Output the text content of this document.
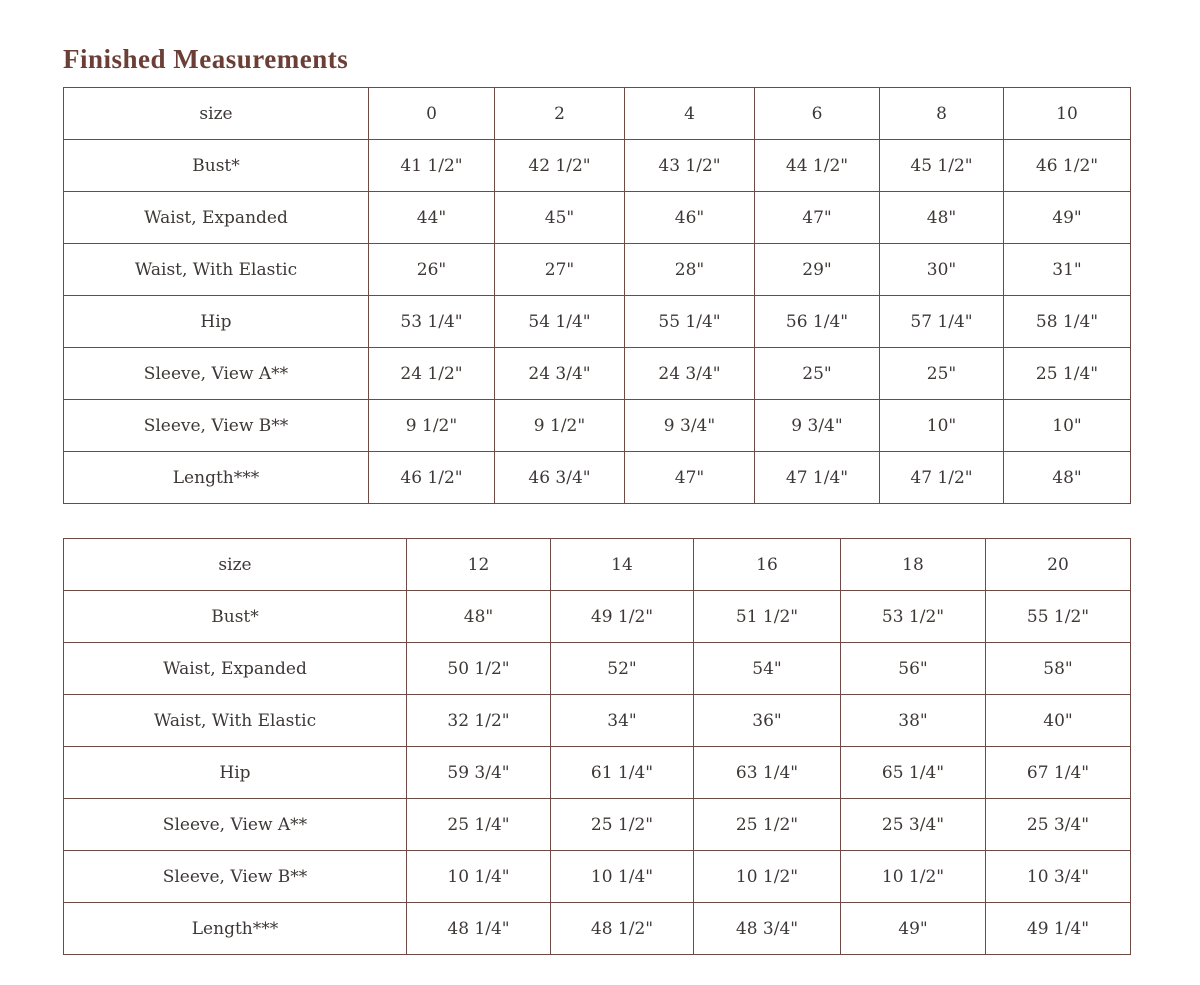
Finished Measurements
size	0	2	4	6	8	10
Bust*	41 1/2"	42 1/2"	43 1/2"	44 1/2"	45 1/2"	46 1/2"
Waist, Expanded	44"	45"	46"	47"	48"	49"
Waist, With Elastic	26"	27"	28"	29"	30"	31"
Hip	53 1/4"	54 1/4"	55 1/4"	56 1/4"	57 1/4"	58 1/4"
Sleeve, View A**	24 1/2"	24 3/4"	24 3/4"	25"	25"	25 1/4"
Sleeve, View B**	9 1/2"	9 1/2"	9 3/4"	9 3/4"	10"	10"
Length***	46 1/2"	46 3/4"	47"	47 1/4"	47 1/2"	48"
size	12	14	16	18	20
Bust*	48"	49 1/2"	51 1/2"	53 1/2"	55 1/2"
Waist, Expanded	50 1/2"	52"	54"	56"	58"
Waist, With Elastic	32 1/2"	34"	36"	38"	40"
Hip	59 3/4"	61 1/4"	63 1/4"	65 1/4"	67 1/4"
Sleeve, View A**	25 1/4"	25 1/2"	25 1/2"	25 3/4"	25 3/4"
Sleeve, View B**	10 1/4"	10 1/4"	10 1/2"	10 1/2"	10 3/4"
Length***	48 1/4"	48 1/2"	48 3/4"	49"	49 1/4"
